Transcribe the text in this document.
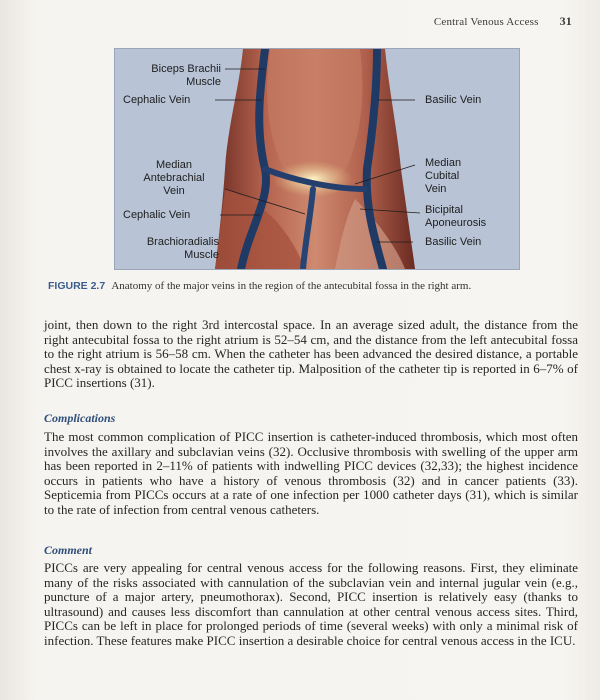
Central Venous Access 31
Biceps Brachii
Muscle
Cephalic Vein	Basilic Vein
Median
Antebrachial
Vein
Median
Cubital
Vein
Cephalic Vein	Bicipital
Aponeurosis
Brachioradialis
Muscle
Basilic Vein
FIGURE 2.7 Anatomy of the major veins in the region of the antecubital fossa in the right arm.
joint, then down to the right 3rd intercostal space. In an average sized adult, the distance from the right antecubital fossa to the right atrium is 52–54 cm, and the distance from the left antecubital fossa to the right atrium is 56–58 cm. When the catheter has been advanced the desired distance, a portable chest x-ray is obtained to locate the catheter tip. Malposition of the catheter tip is reported in 6–7% of PICC insertions (31).
Complications
The most common complication of PICC insertion is catheter-induced thrombosis, which most often involves the axillary and subclavian veins (32). Occlusive thrombosis with swelling of the upper arm has been reported in 2–11% of patients with indwelling PICC devices (32,33); the highest incidence occurs in patients who have a history of venous thrombosis (32) and in cancer patients (33). Septicemia from PICCs occurs at a rate of one infection per 1000 catheter days (31), which is similar to the rate of infection from central venous catheters.
Comment
PICCs are very appealing for central venous access for the following reasons. First, they eliminate many of the risks associated with cannulation of the subclavian vein and internal jugular vein (e.g., puncture of a major artery, pneumothorax). Second, PICC insertion is relatively easy (thanks to ultrasound) and causes less discomfort than cannulation at other central venous access sites. Third, PICCs can be left in place for prolonged periods of time (several weeks) with only a minimal risk of infection. These features make PICC insertion a desirable choice for central venous access in the ICU.
